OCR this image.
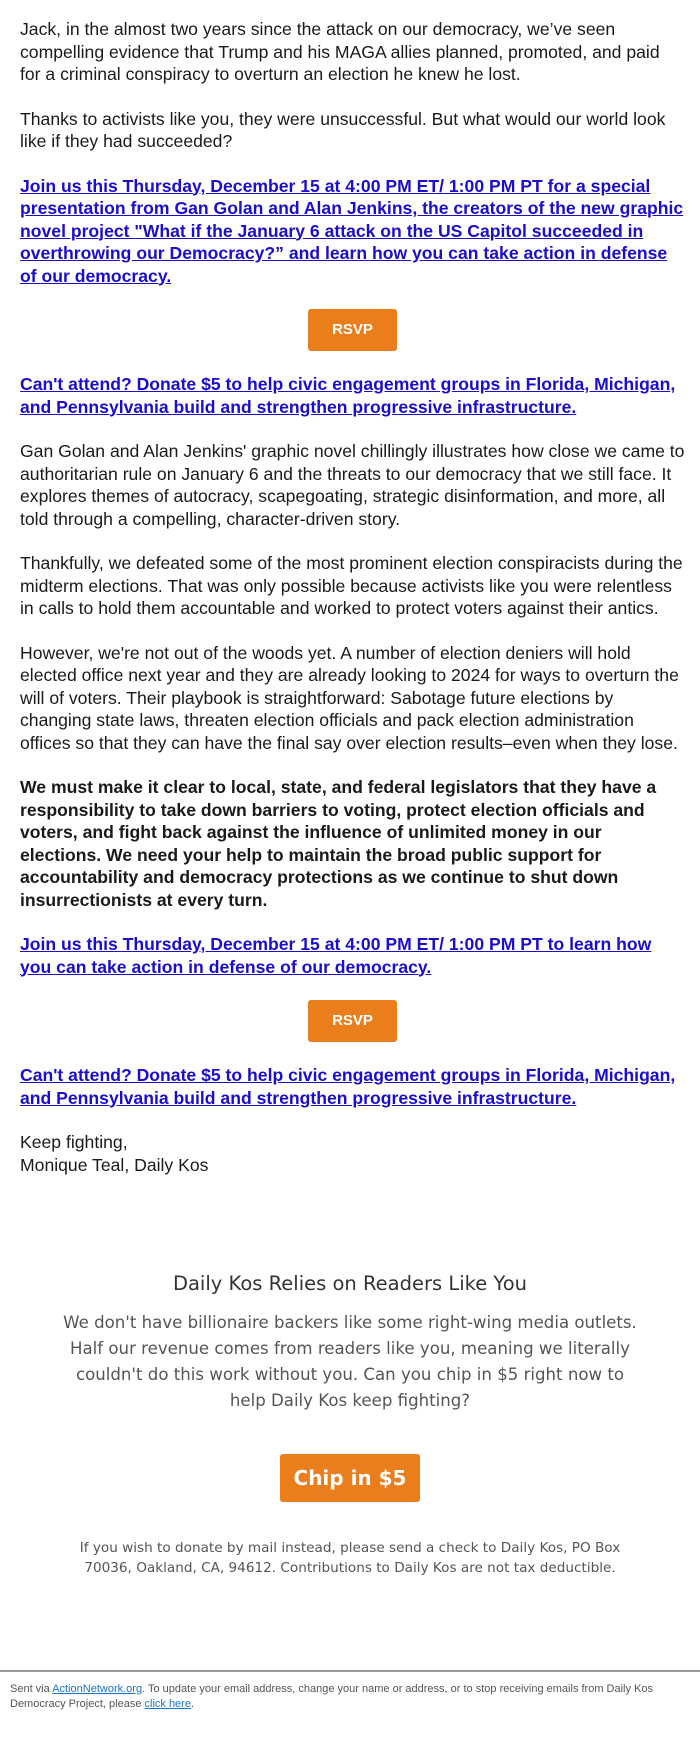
Jack, in the almost two years since the attack on our democracy, we’ve seen compelling evidence that Trump and his MAGA allies planned, promoted, and paid for a criminal conspiracy to overturn an election he knew he lost.

Thanks to activists like you, they were unsuccessful. But what would our world look like if they had succeeded?

Join us this Thursday, December 15 at 4:00 PM ET/ 1:00 PM PT for a special presentation from Gan Golan and Alan Jenkins, the creators of the new graphic novel project "What if the January 6 attack on the US Capitol succeeded in overthrowing our Democracy?” and learn how you can take action in defense of our democracy.

RSVP

Can't attend? Donate $5 to help civic engagement groups in Florida, Michigan, and Pennsylvania build and strengthen progressive infrastructure.

Gan Golan and Alan Jenkins' graphic novel chillingly illustrates how close we came to authoritarian rule on January 6 and the threats to our democracy that we still face. It explores themes of autocracy, scapegoating, strategic disinformation, and more, all told through a compelling, character-driven story.

Thankfully, we defeated some of the most prominent election conspiracists during the midterm elections. That was only possible because activists like you were relentless in calls to hold them accountable and worked to protect voters against their antics.

However, we're not out of the woods yet. A number of election deniers will hold elected office next year and they are already looking to 2024 for ways to overturn the will of voters. Their playbook is straightforward: Sabotage future elections by changing state laws, threaten election officials and pack election administration offices so that they can have the final say over election results–even when they lose.

We must make it clear to local, state, and federal legislators that they have a responsibility to take down barriers to voting, protect election officials and voters, and fight back against the influence of unlimited money in our elections. We need your help to maintain the broad public support for accountability and democracy protections as we continue to shut down insurrectionists at every turn.

Join us this Thursday, December 15 at 4:00 PM ET/ 1:00 PM PT to learn how you can take action in defense of our democracy.

RSVP

Can't attend? Donate $5 to help civic engagement groups in Florida, Michigan, and Pennsylvania build and strengthen progressive infrastructure.

Keep fighting,
Monique Teal, Daily Kos

Daily Kos Relies on Readers Like You
We don't have billionaire backers like some right-wing media outlets. Half our revenue comes from readers like you, meaning we literally couldn't do this work without you. Can you chip in $5 right now to help Daily Kos keep fighting?
Chip in $5
If you wish to donate by mail instead, please send a check to Daily Kos, PO Box 70036, Oakland, CA, 94612. Contributions to Daily Kos are not tax deductible.
Sent via ActionNetwork.org. To update your email address, change your name or address, or to stop receiving emails from Daily Kos Democracy Project, please click here.
